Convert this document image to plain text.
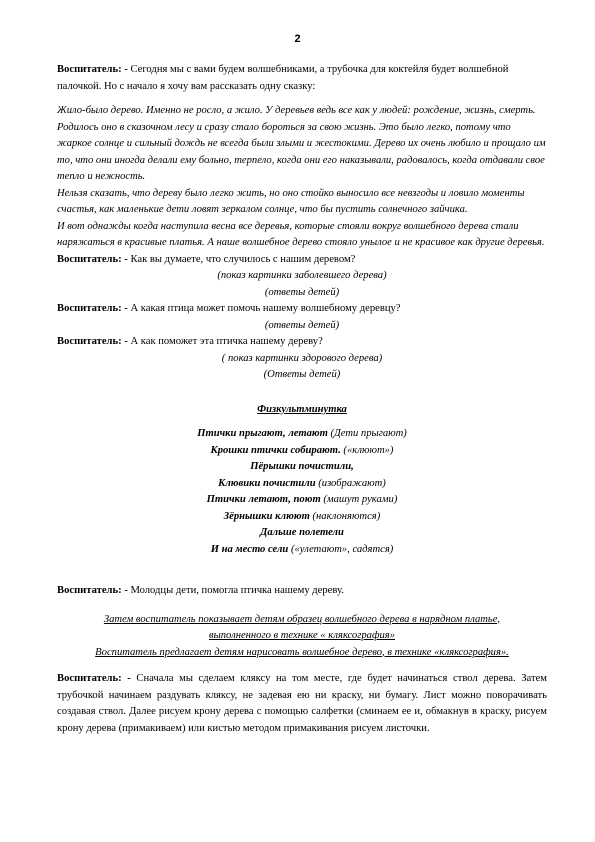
2

Воспитатель: - Сегодня мы с вами будем волшебниками, а трубочка для коктейля будет волшебной палочкой. Но с начало я хочу вам рассказать одну сказку:

Жило-было дерево. Именно не росло, а жило. У деревьев ведь все как у людей: рождение, жизнь, смерть. Родилось оно в сказочном лесу и сразу стало бороться за свою жизнь. Это было легко, потому что жаркое солнце и сильный дождь не всегда были злыми и жестокими. Дерево их очень любило и прощало им то, что они иногда делали ему больно, терпело, когда они его наказывали, радовалось, когда отдавали свое тепло и нежность.

Нельзя сказать, что дереву было легко жить, но оно стойко выносило все невзгоды и ловило моменты счастья, как маленькие дети ловят зеркалом солнце, что бы пустить солнечного зайчика.

И вот однажды когда наступила весна все деревья, которые стояли вокруг волшебного дерева стали наряжаться в красивые платья. А наше волшебное дерево стояло унылое и не красивое как другие деревья.

Воспитатель: - Как вы думаете, что случилось с нашим деревом?

(показ картинки заболевшего дерева)

(ответы детей)

Воспитатель: - А какая птица может помочь нашему волшебному деревцу?

(ответы детей)

Воспитатель: - А как поможет эта птичка нашему дереву?

( показ картинки здорового дерева)

(Ответы детей)

Физкультминутка

Птички прыгают, летают (Дети прыгают)

Крошки птички собирают. («клюют»)

Пёрышки почистили,

Клювики почистили (изображают)

Птички летают, поют (машут руками)

Зёрнышки клюют (наклоняются)

Дальше полетели

И на место сели («улетают», садятся)

Воспитатель: - Молодцы дети, помогла птичка нашему дереву.

Затем воспитатель показывает детям образец волшебного дерева в нарядном платье,

выполненного в технике « кляксография»

Воспитатель предлагает детям нарисовать волшебное дерево, в технике «кляксография».

Воспитатель: - Сначала мы сделаем кляксу на том месте, где будет начинаться ствол дерева. Затем трубочкой начинаем раздувать кляксу, не задевая ею ни краску, ни бумагу. Лист можно поворачивать создавая ствол. Далее рисуем крону дерева с помощью салфетки (сминаем ее и, обмакнув в краску, рисуем крону дерева (примакиваем) или кистью методом примакивания рисуем листочки.
